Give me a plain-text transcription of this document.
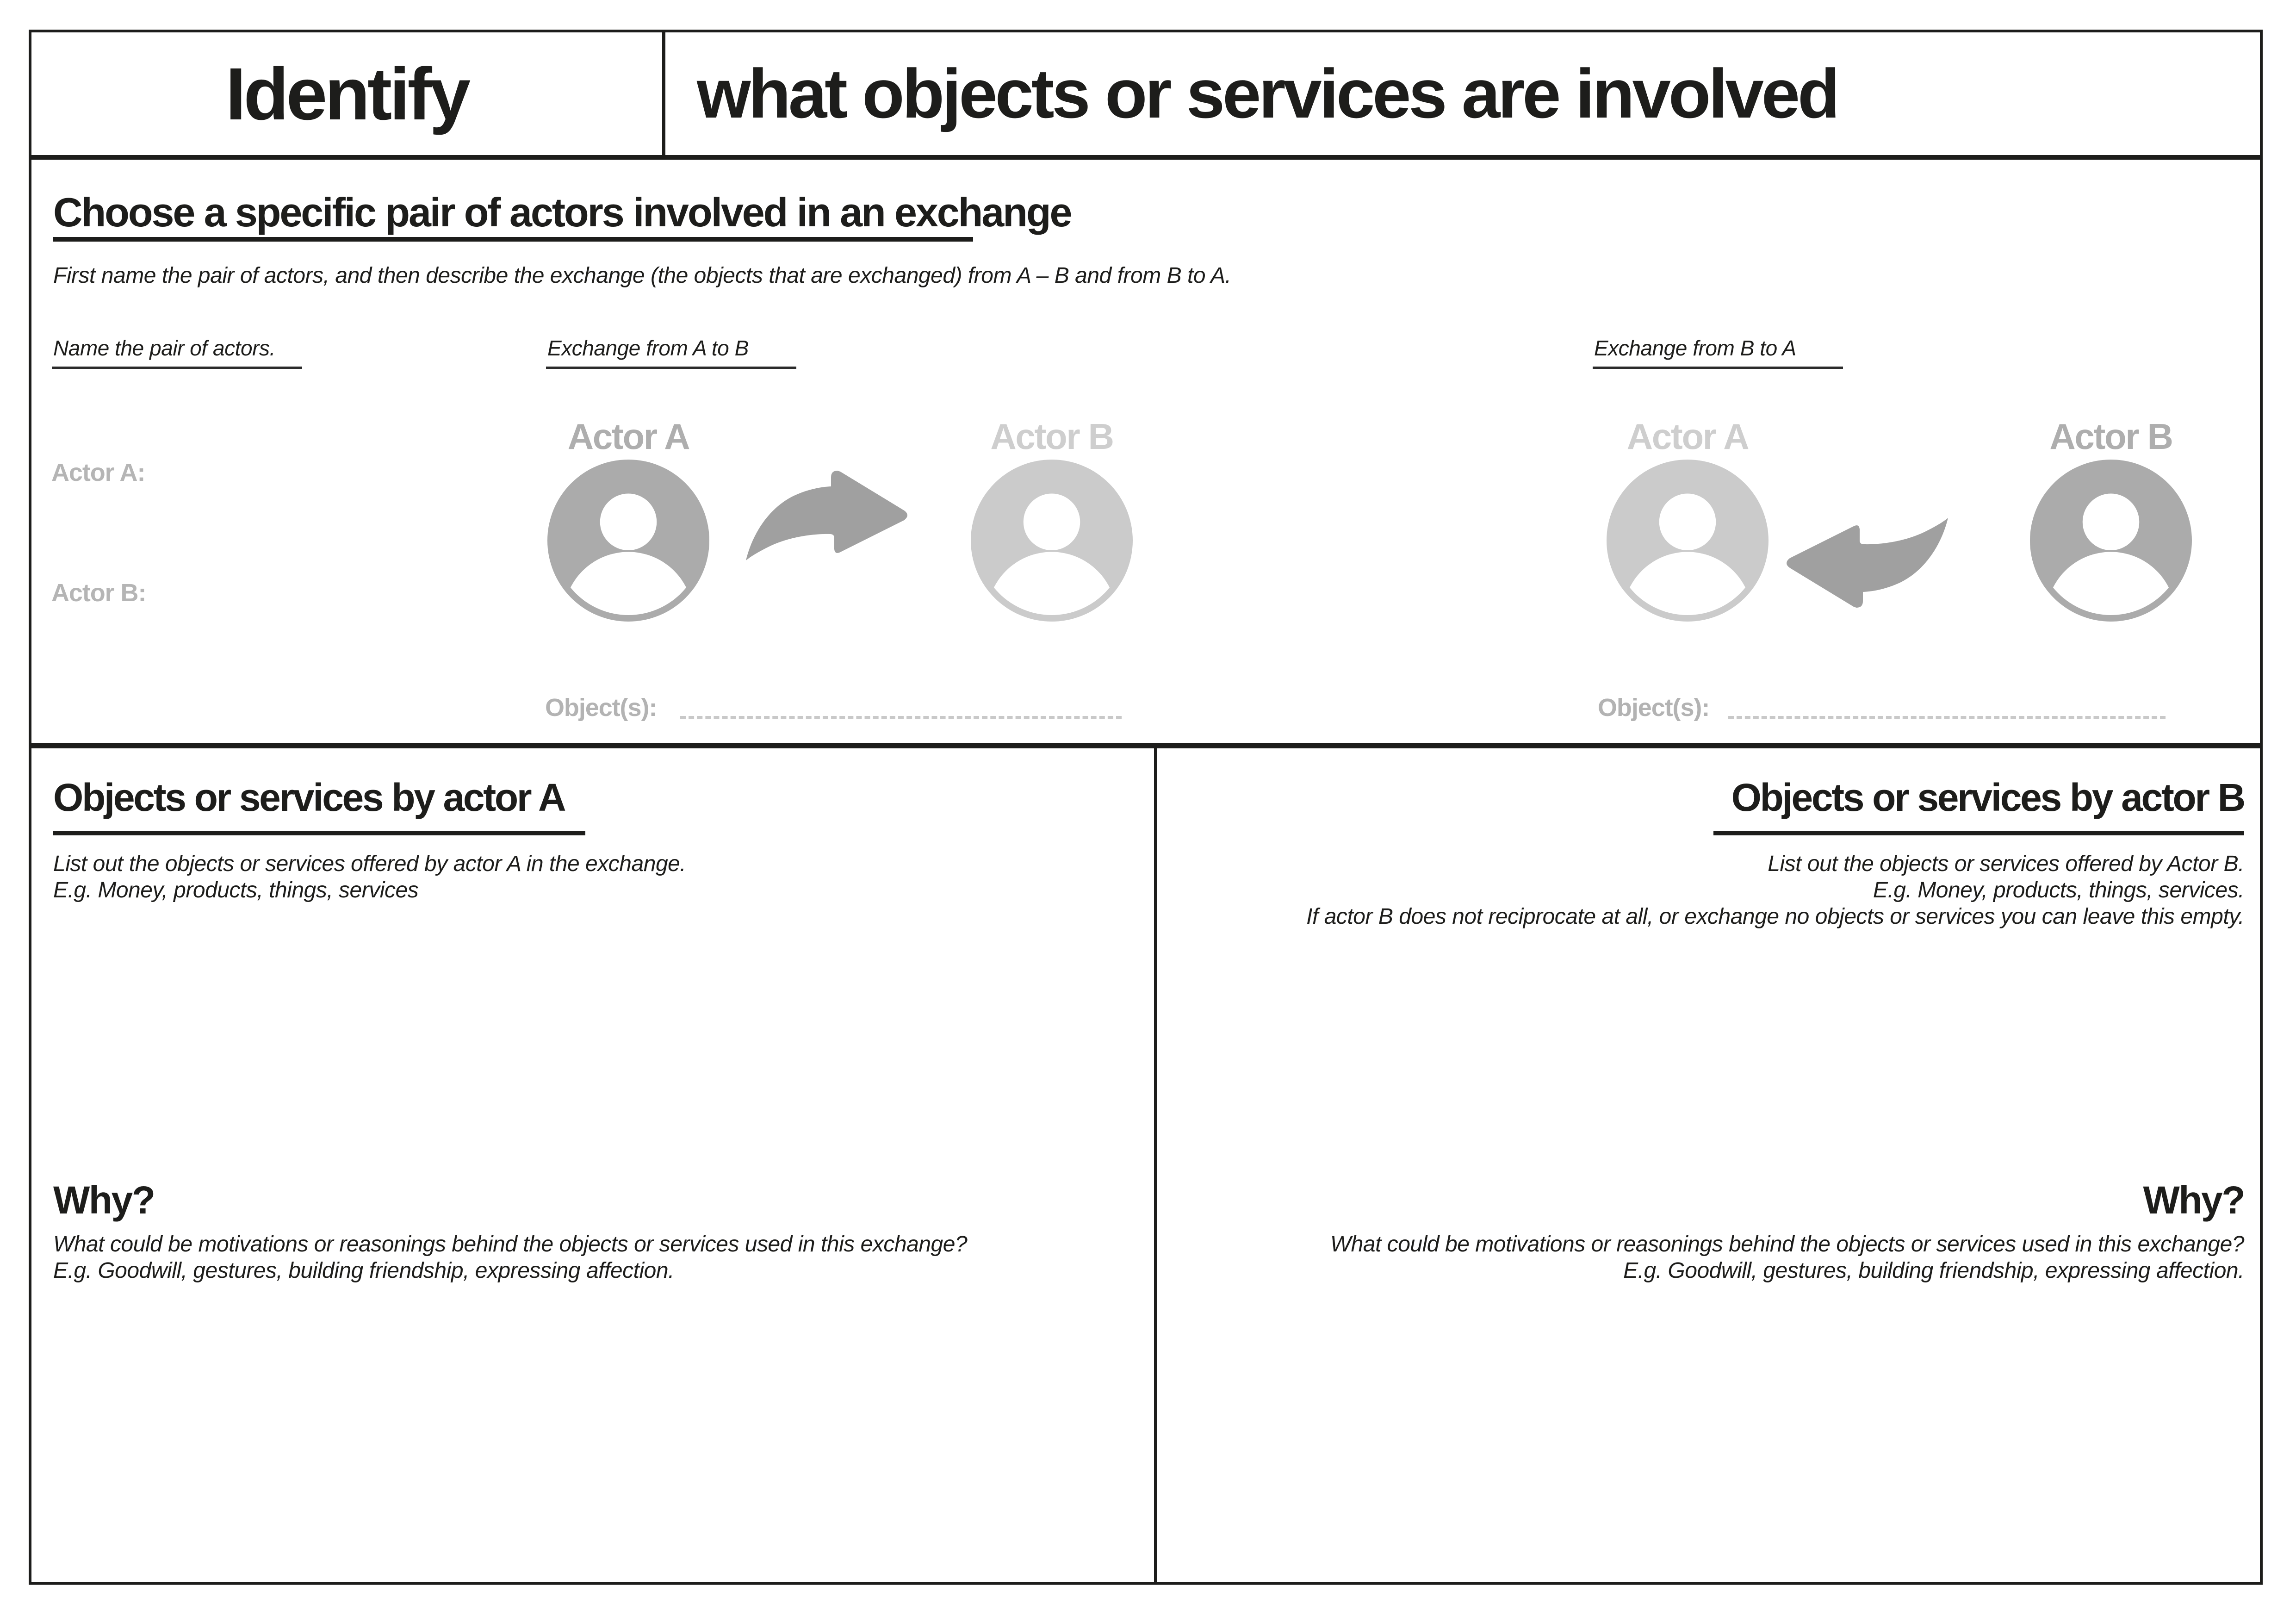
Identify	what objects or services are involved
Choose a specific pair of actors involved in an exchange
First name the pair of actors, and then describe the exchange (the objects that are exchanged) from A – B and from B to A.
Name the pair of actors.	Exchange from A to B	Exchange from B to A
Actor A:
Actor B:
Actor A	Actor B
Object(s):
Actor A	Actor B
Object(s):
Objects or services by actor A
List out the objects or services offered by actor A in the exchange.
E.g. Money, products, things, services
Why?
What could be motivations or reasonings behind the objects or services used in this exchange?
E.g. Goodwill, gestures, building friendship, expressing affection.
Objects or services by actor B
List out the objects or services offered by Actor B.
E.g. Money, products, things, services.
If actor B does not reciprocate at all, or exchange no objects or services you can leave this empty.
Why?
What could be motivations or reasonings behind the objects or services used in this exchange?
E.g. Goodwill, gestures, building friendship, expressing affection.
